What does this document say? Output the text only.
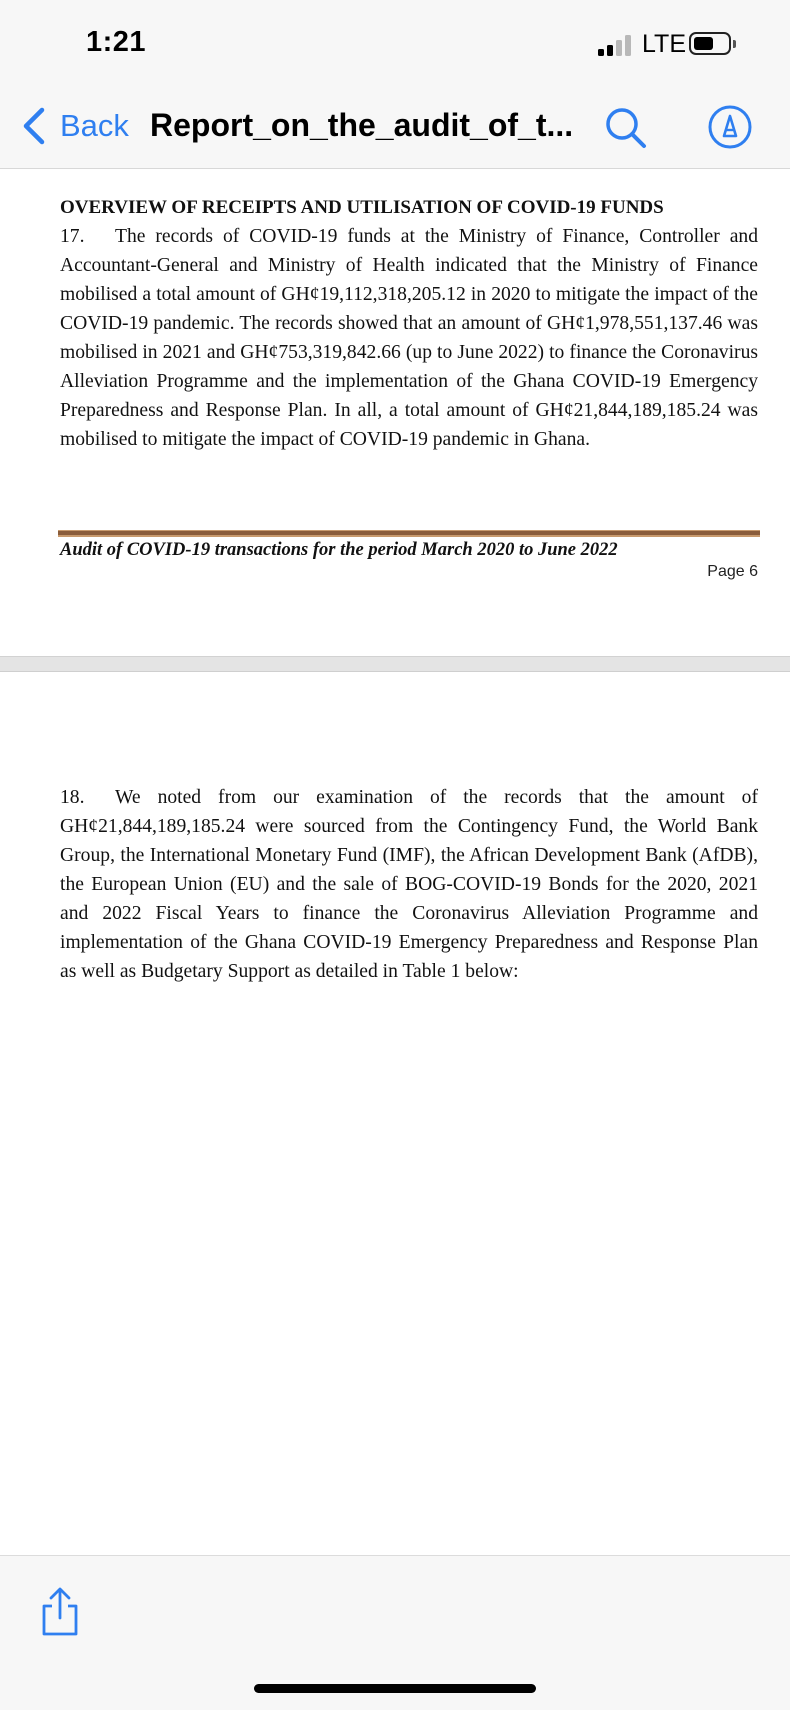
1:21	LTE
Back Report_on_the_audit_of_t...
OVERVIEW OF RECEIPTS AND UTILISATION OF COVID-19 FUNDS
17. The records of COVID-19 funds at the Ministry of Finance, Controller and Accountant-General and Ministry of Health indicated that the Ministry of Finance mobilised a total amount of GH¢19,112,318,205.12 in 2020 to mitigate the impact of the COVID-19 pandemic. The records showed that an amount of GH¢1,978,551,137.46 was mobilised in 2021 and GH¢753,319,842.66 (up to June 2022) to finance the Coronavirus Alleviation Programme and the implementation of the Ghana COVID-19 Emergency Preparedness and Response Plan. In all, a total amount of GH¢21,844,189,185.24 was mobilised to mitigate the impact of COVID-19 pandemic in Ghana.
Audit of COVID-19 transactions for the period March 2020 to June 2022
Page 6
18. We noted from our examination of the records that the amount of GH¢21,844,189,185.24 were sourced from the Contingency Fund, the World Bank Group, the International Monetary Fund (IMF), the African Development Bank (AfDB), the European Union (EU) and the sale of BOG-COVID-19 Bonds for the 2020, 2021 and 2022 Fiscal Years to finance the Coronavirus Alleviation Programme and implementation of the Ghana COVID-19 Emergency Preparedness and Response Plan as well as Budgetary Support as detailed in Table 1 below:
